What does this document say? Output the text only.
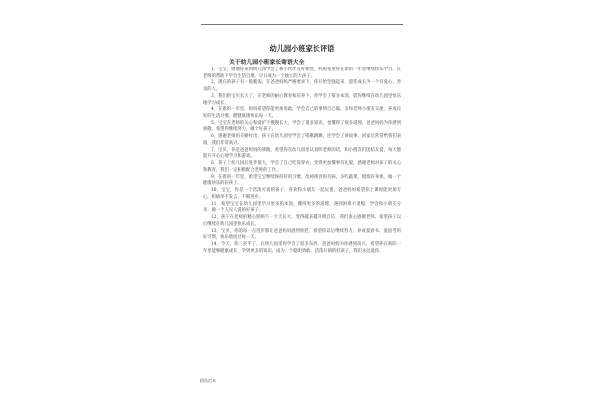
幼儿园小班家长评语
关于幼儿园小班家长寄语大全

1、宝宝，感谢你来到幼儿园学会了和小伙伴友好相处，妈妈希望你在新的一年里继续快乐学习，在老师的帮助下学会生活自理，早日成为一个独立的大孩子。

2、现在的孩子有一般脆弱，在爸爸妈妈严格要求下，你开始坚强起来，愿你成长为一个有爱心、善良的人。

3、我们的宝贝长大了，在老师的耐心教育和培养下，你学会了很多本领，愿你继续在幼儿园里快乐地学习成长。

4、在新的一年里，妈妈希望你能更加勇敢，学会自己的事情自己做，多和老师小朋友交流，养成良好的生活习惯，健健康康快乐每一天。

5、宝宝在老师的关心和爱护下慢慢长大，学会了很多知识，也懂得了很多道理，爸爸妈妈为你感到骄傲，希望你继续努力，做个好孩子。

6、感谢老师的辛勤付出，孩子在幼儿园里学会了唱歌跳舞，还学会了讲故事，回家后常常给我们表演，我们非常高兴。

7、宝贝，你是爸爸妈妈的骄傲，希望你在幼儿园里认真听老师的话，和小朋友们团结友爱，每天都能开开心心地学习和游戏。

8、孩子上幼儿园后进步很大，学会了自己吃饭穿衣，变得更加懂事有礼貌，感谢老师对孩子的关心和教育，我们一定积极配合老师的工作。

9、在新的一年里，希望宝宝继续保持好的习惯，改掉挑食的毛病，多吃蔬菜，锻炼好身体，做一个健康快乐的好孩子。

10、宝宝，你是一个活泼可爱的孩子，喜欢和小朋友一起玩耍，爸爸妈妈希望你上课时能更加专心，积极举手发言，不断进步。

11、希望宝宝在幼儿园里学习更多的本领，懂得更多的道理，遇到困难不退缩，学会和小朋友分享，做一个人见人爱的好孩子。

12、孩子在老师的精心照顾下一天天长大，变得越来越开朗自信，我们衷心感谢老师，希望孩子以后继续在幼儿园里快乐成长。

13、宝贝，你的每一点进步都让爸爸妈妈感到欣慰，希望你以后继续努力，养成爱看书、爱思考的好习惯，快乐地度过每一天。

14、今天，你三岁半了，在幼儿园里你学会了很多东西，爸爸妈妈为你感到高兴，希望你在新的一年里能够健康成长，学到更多的知识，成为一个聪明勇敢、活泼开朗的好孩子，我们永远爱你。

精选范本
